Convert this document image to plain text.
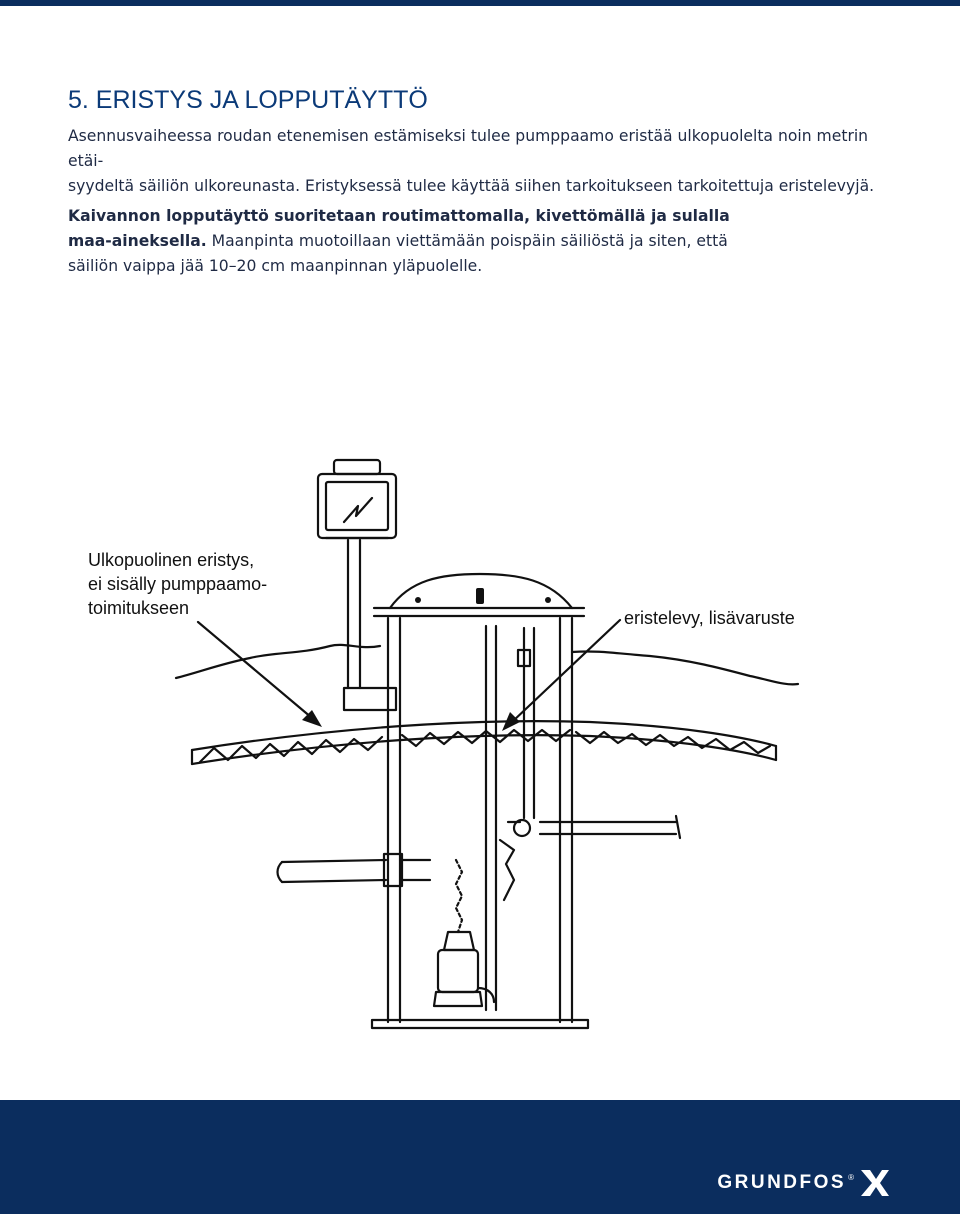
5. ERISTYS JA LOPPUTÄYTTÖ

Asennusvaiheessa roudan etenemisen estämiseksi tulee pumppaamo eristää ulkopuolelta noin metrin etäi-
syydeltä säiliön ulkoreunasta. Eristyksessä tulee käyttää siihen tarkoitukseen tarkoitettuja eristelevyjä.

Kaivannon lopputäyttö suoritetaan routimattomalla, kivettömällä ja sulalla
maa-aineksella. Maanpinta muotoillaan viettämään poispäin säiliöstä ja siten, että
säiliön vaippa jää 10–20 cm maanpinnan yläpuolelle.

Ulkopuolinen eristys,
ei sisälly pumppaamo-
toimitukseen	eristelevy, lisävaruste
GRUNDFOS ®
